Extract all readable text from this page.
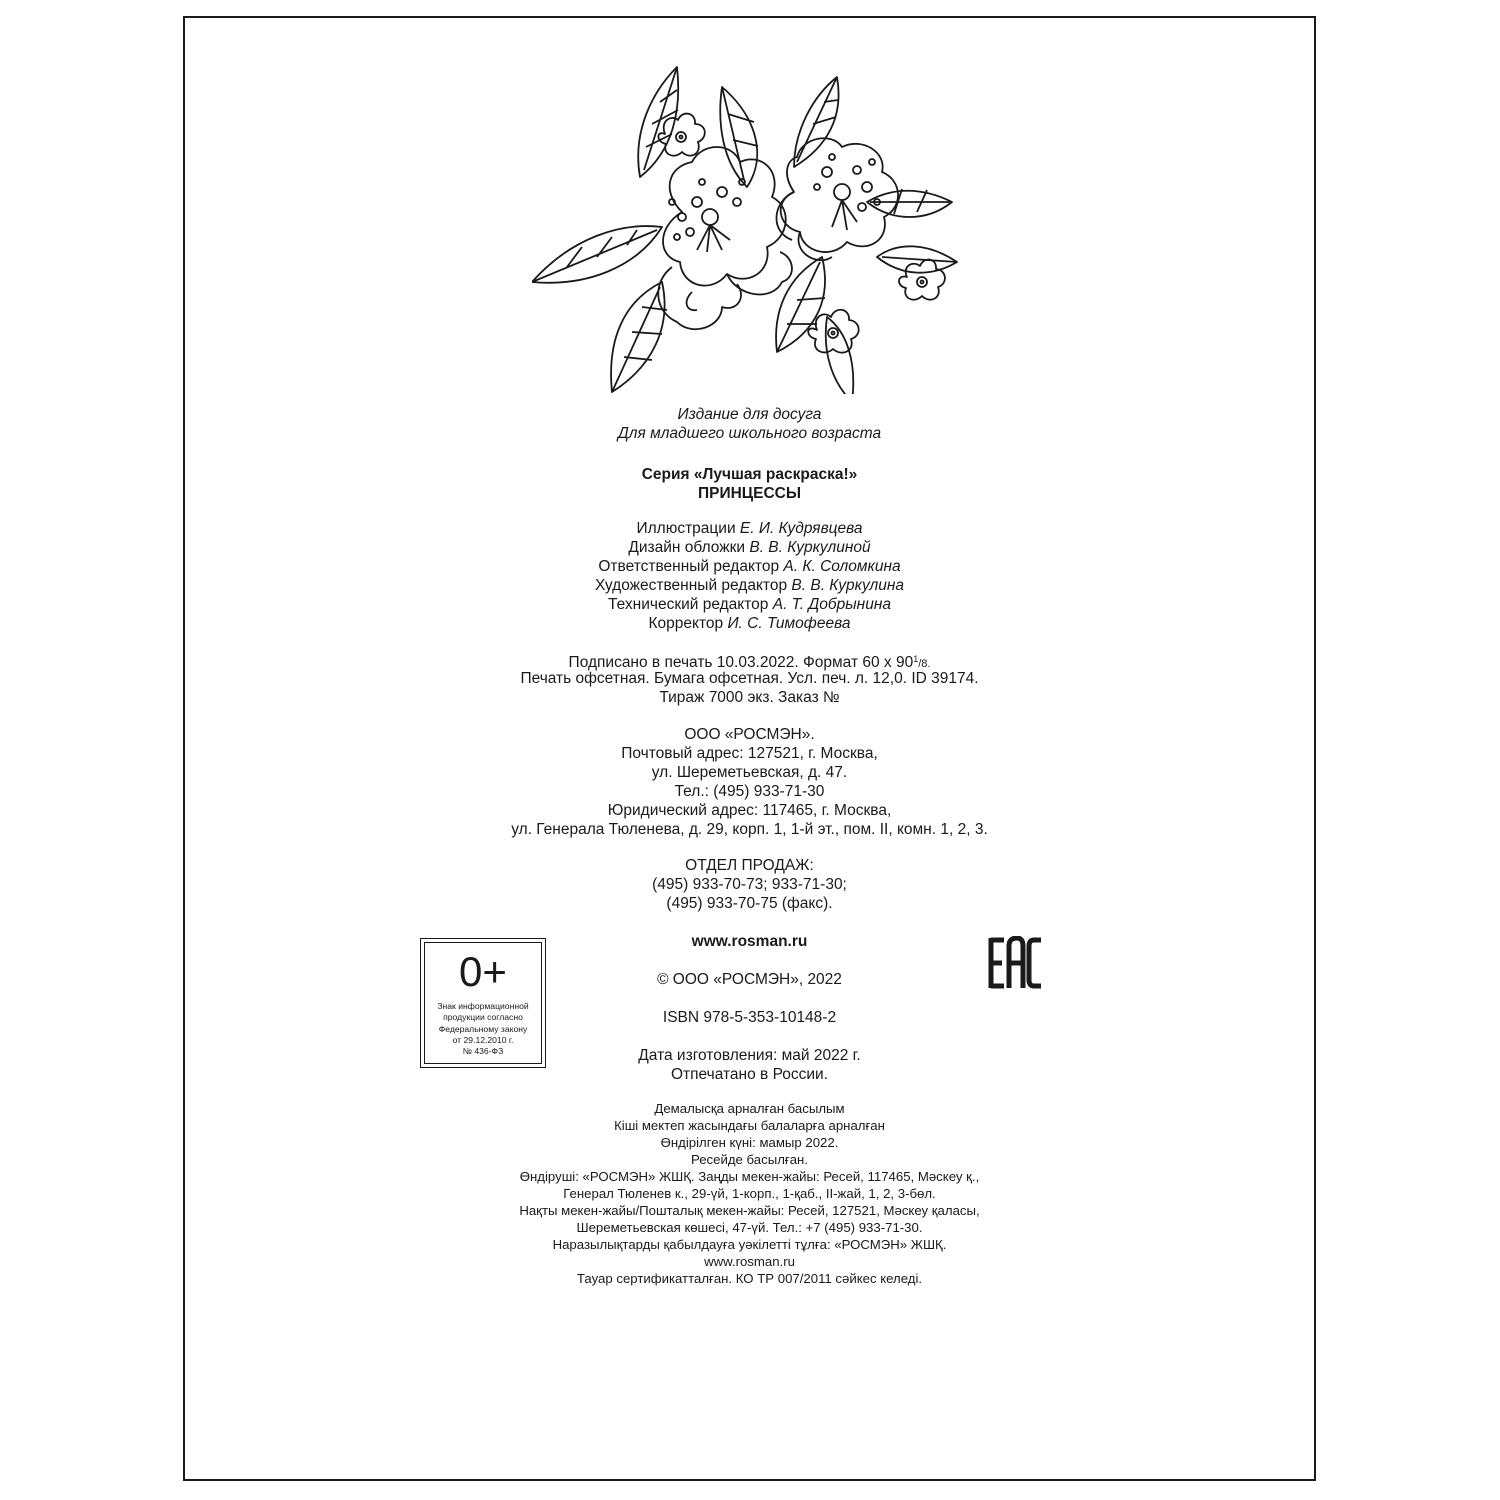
Издание для досуга
Для младшего школьного возраста
Серия «Лучшая раскраска!»
ПРИНЦЕССЫ
Иллюстрации Е. И. Кудрявцева
Дизайн обложки В. В. Куркулиной
Ответственный редактор А. К. Соломкина
Художественный редактор В. В. Куркулина
Технический редактор А. Т. Добрынина
Корректор И. С. Тимофеева
Подписано в печать 10.03.2022. Формат 60 х $90^1/8$.
Печать офсетная. Бумага офсетная. Усл. печ. л. 12,0. ID 39174.
Тираж 7000 экз. Заказ №
ООО «РОСМЭН».
Почтовый адрес: 127521, г. Москва,
ул. Шереметьевская, д. 47.
Тел.: (495) 933-71-30
Юридический адрес: 117465, г. Москва,
ул. Генерала Тюленева, д. 29, корп. 1, 1-й эт., пом. II, комн. 1, 2, 3.
ОТДЕЛ ПРОДАЖ:
(495) 933-70-73; 933-71-30;
(495) 933-70-75 (факс).
www.rosman.ru
© ООО «РОСМЭН», 2022
ISBN 978-5-353-10148-2
Дата изготовления: май 2022 г.
Отпечатано в России.
Демалысқа арналған басылым
Кіші мектеп жасындағы балаларға арналған
Өндірілген күні: мамыр 2022.
Ресейде басылған.
Өндіруші: «РОСМЭН» ЖШҚ. Заңды мекен-жайы: Ресей, 117465, Мәскеу қ.,
Генерал Тюленев к., 29-үй, 1-корп., 1-қаб., II-жай, 1, 2, 3-бөл.
Нақты мекен-жайы/Пошталық мекен-жайы: Ресей, 127521, Мәскеу қаласы,
Шереметьевская көшесі, 47-үй. Тел.: +7 (495) 933-71-30.
Наразылықтарды қабылдауға уәкілетті тұлға: «РОСМЭН» ЖШҚ.
www.rosman.ru
Тауар сертификатталған. КО ТР 007/2011 сәйкес келеді.
0+
Знак информационной
продукции согласно
Федеральному закону
от 29.12.2010 г.
№ 436-ФЗ
